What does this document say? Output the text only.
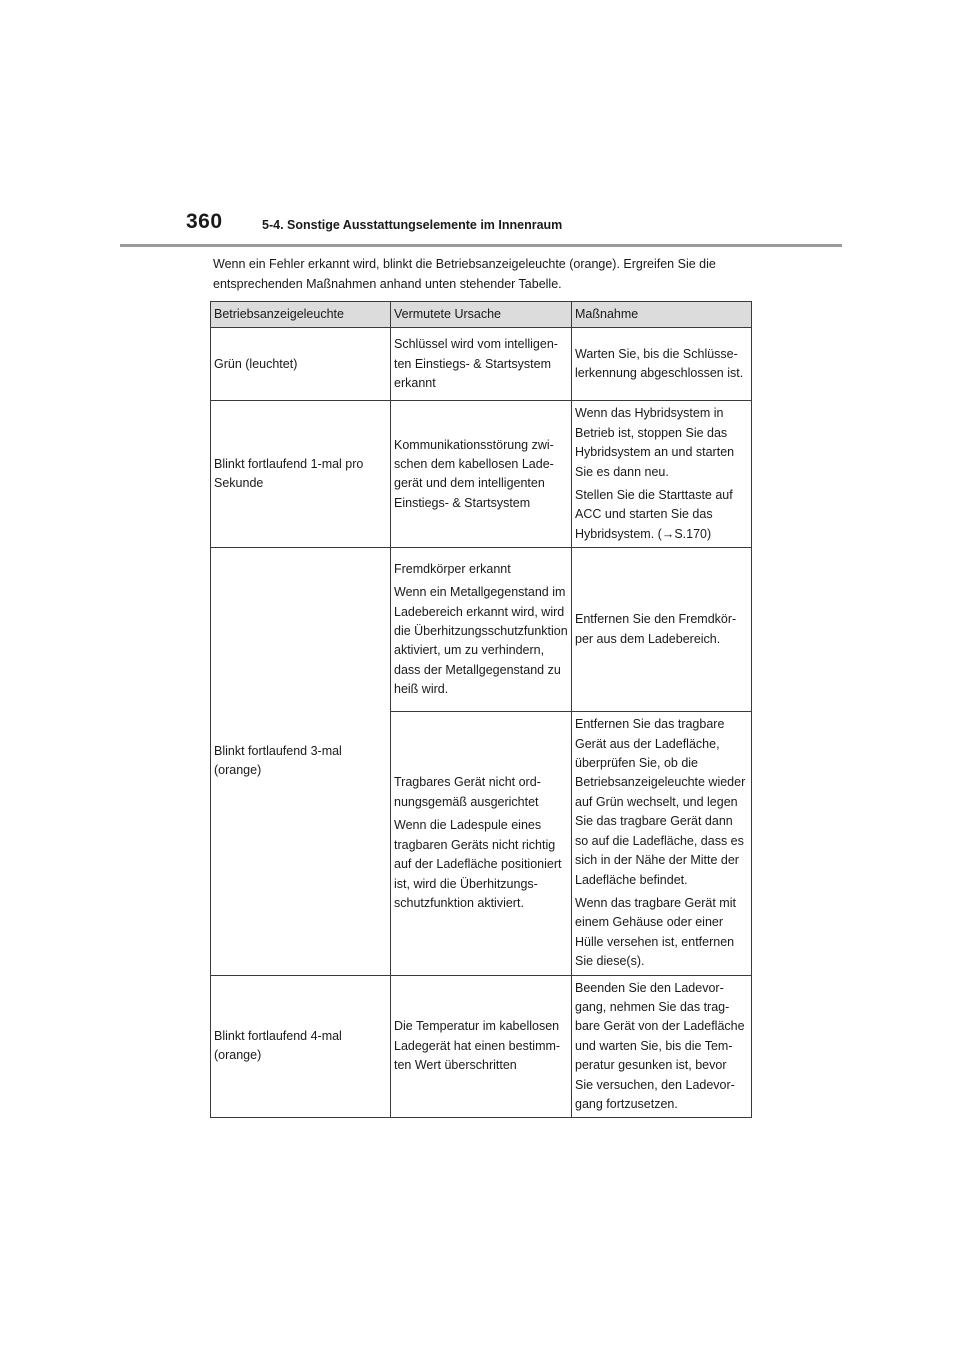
360	5-4. Sonstige Ausstattungselemente im Innenraum

Wenn ein Fehler erkannt wird, blinkt die Betriebsanzeigeleuchte (orange). Ergreifen Sie die entsprechenden Maßnahmen anhand unten stehender Tabelle.

Betriebsanzeigeleuchte	Vermutete Ursache	Maßnahme
Grün (leuchtet)	Schlüssel wird vom intelligenten Einstiegs- & Startsystem erkannt	Warten Sie, bis die Schlüsselerkennung abgeschlossen ist.

Blinkt fortlaufend 1-mal pro Sekunde	Kommunikationsstörung zwischen dem kabellosen Ladegerät und dem intelligenten Einstiegs- & Startsystem	Wenn das Hybridsystem in Betrieb ist, stoppen Sie das Hybridsystem an und starten Sie es dann neu.
Stellen Sie die Starttaste auf ACC und starten Sie das Hybridsystem. (→S.170)

Blinkt fortlaufend 3-mal (orange)	Fremdkörper erkannt
Wenn ein Metallgegenstand im Ladebereich erkannt wird, wird die Überhitzungsschutzfunktion aktiviert, um zu verhindern, dass der Metallgegenstand zu heiß wird.	Entfernen Sie den Fremdkörper aus dem Ladebereich.

	Tragbares Gerät nicht ordnungsgemäß ausgerichtet
Wenn die Ladespule eines tragbaren Geräts nicht richtig auf der Ladefläche positioniert ist, wird die Überhitzungsschutzfunktion aktiviert.	Entfernen Sie das tragbare Gerät aus der Ladefläche, überprüfen Sie, ob die Betriebsanzeigeleuchte wieder auf Grün wechselt, und legen Sie das tragbare Gerät dann so auf die Ladefläche, dass es sich in der Nähe der Mitte der Ladefläche befindet.
Wenn das tragbare Gerät mit einem Gehäuse oder einer Hülle versehen ist, entfernen Sie diese(s).

Blinkt fortlaufend 4-mal (orange)	Die Temperatur im kabellosen Ladegerät hat einen bestimmten Wert überschritten	Beenden Sie den Ladevorgang, nehmen Sie das tragbare Gerät von der Ladefläche und warten Sie, bis die Temperatur gesunken ist, bevor Sie versuchen, den Ladevorgang fortzusetzen.
